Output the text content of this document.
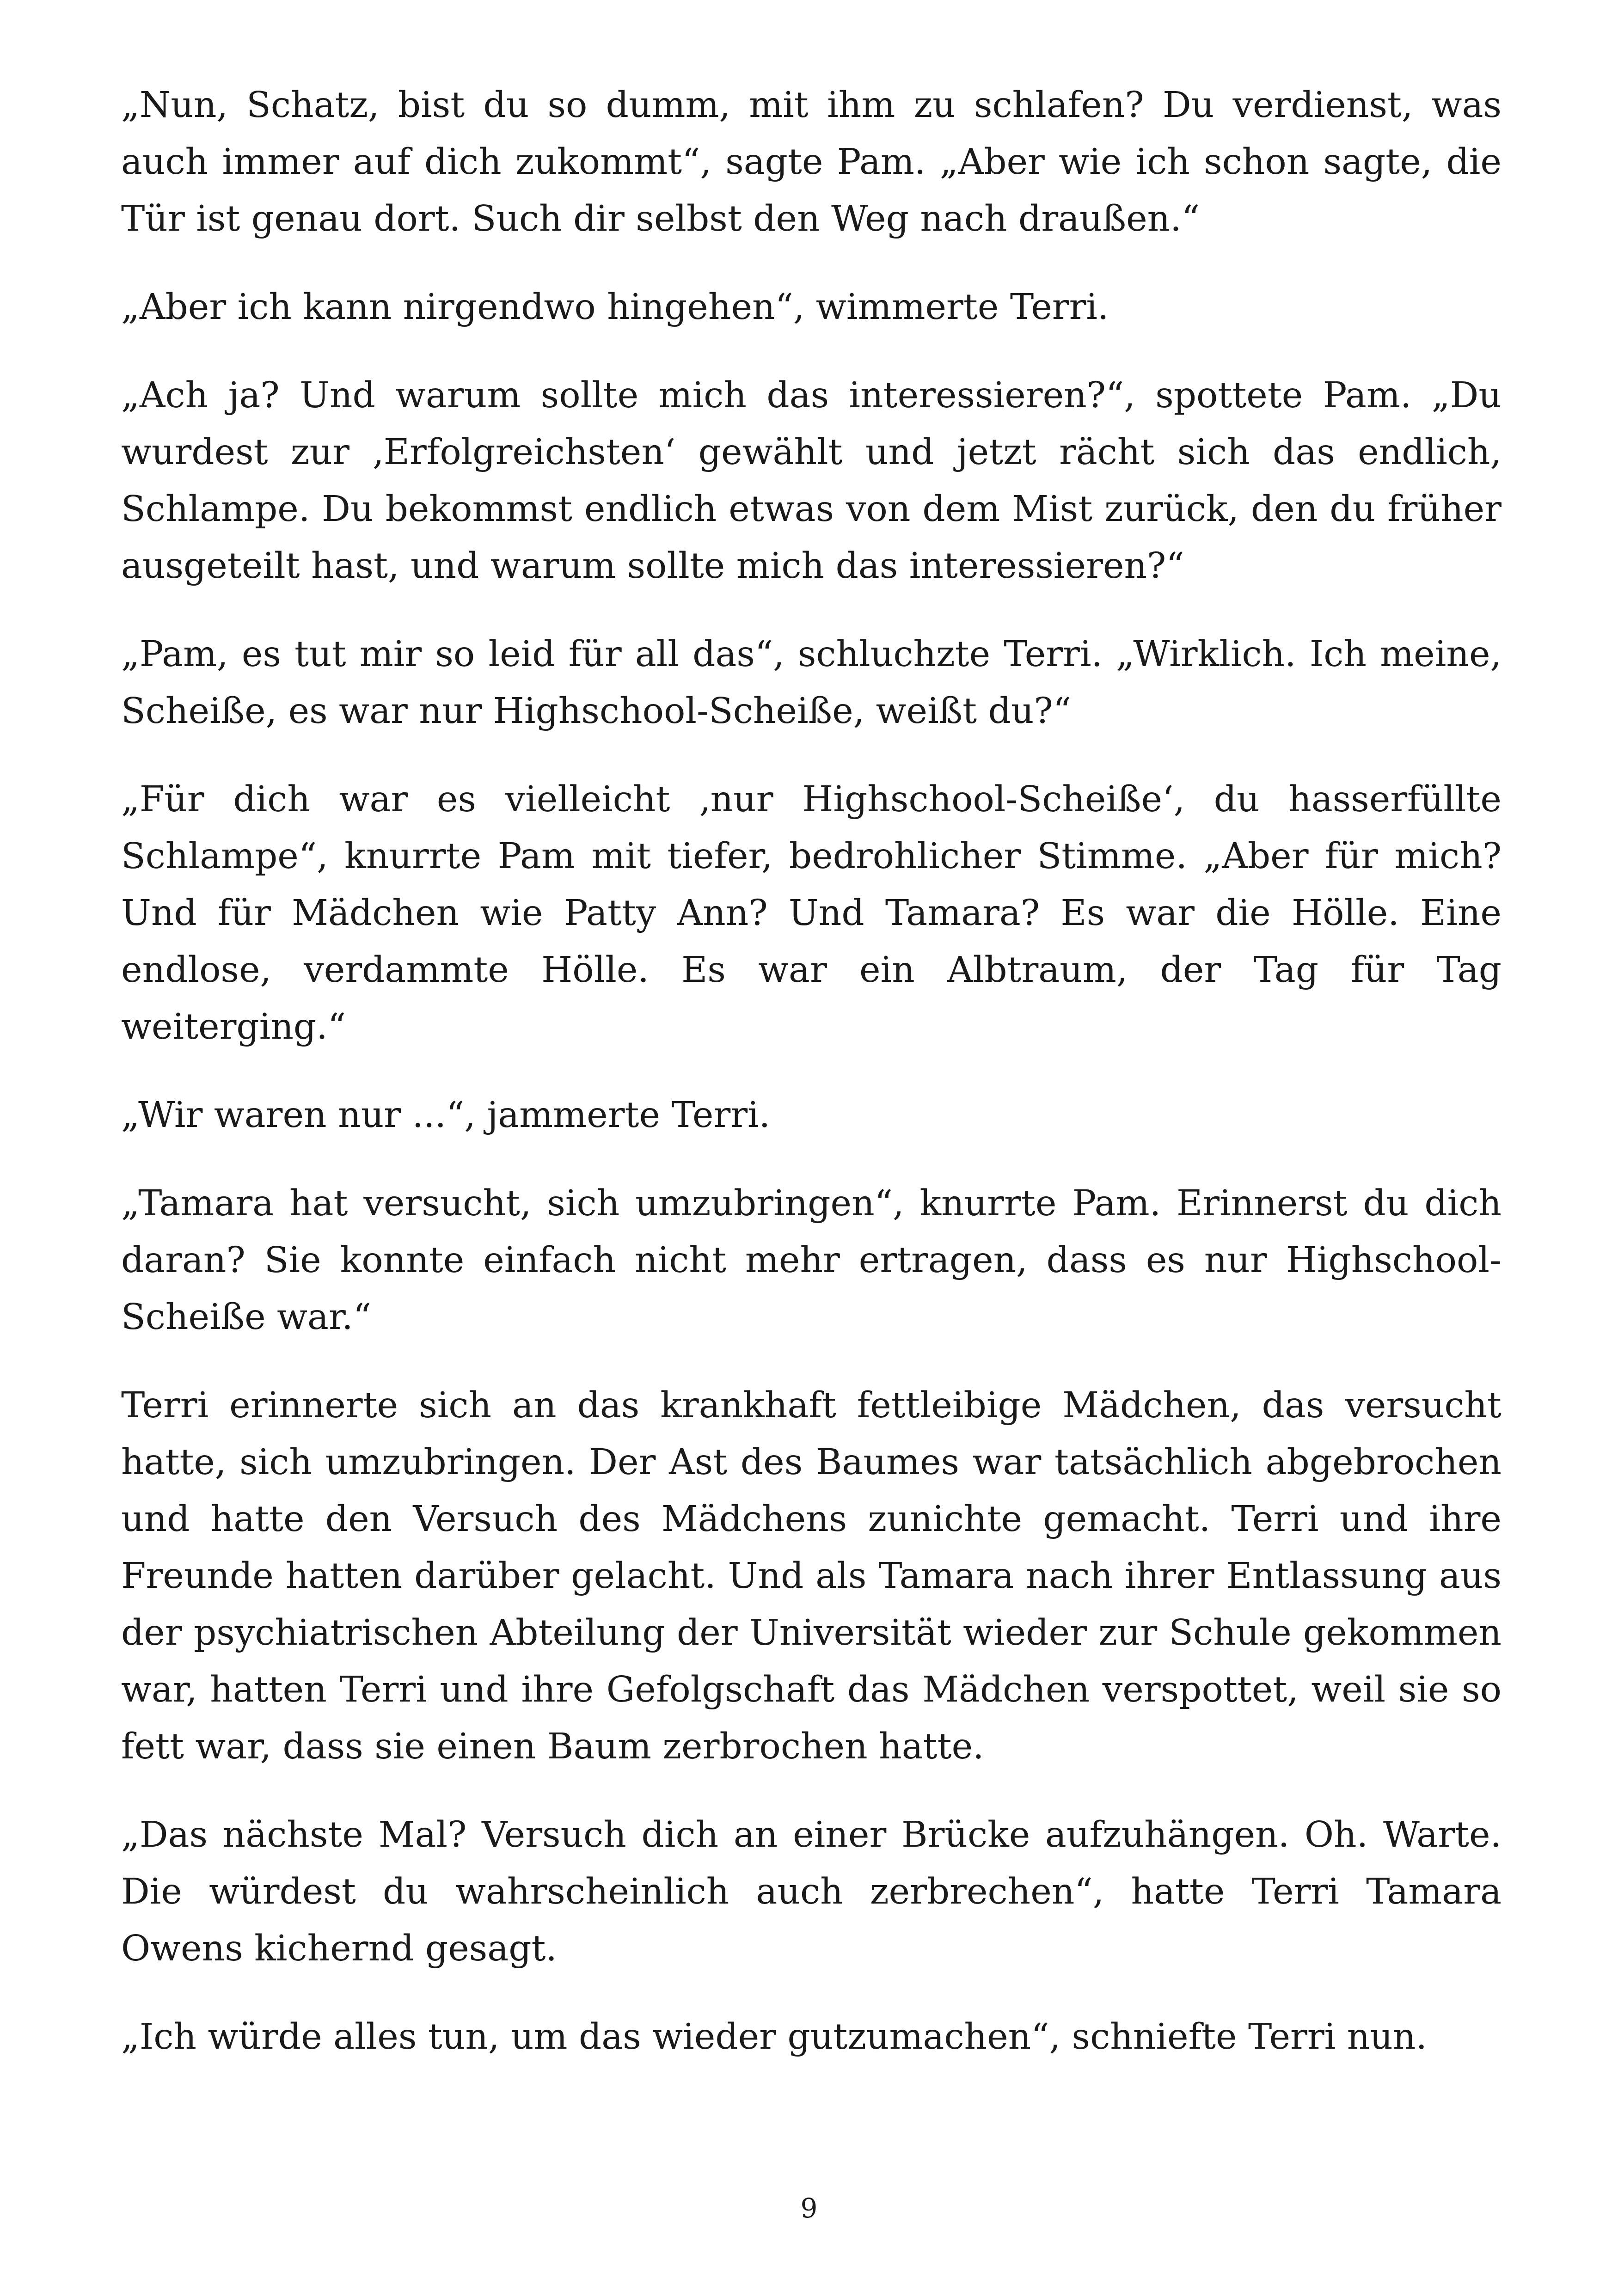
„Nun, Schatz, bist du so dumm, mit ihm zu schlafen? Du verdienst, was auch immer auf dich zukommt“, sagte Pam. „Aber wie ich schon sagte, die Tür ist genau dort. Such dir selbst den Weg nach draußen.“

„Aber ich kann nirgendwo hingehen“, wimmerte Terri.

„Ach ja? Und warum sollte mich das interessieren?“, spottete Pam. „Du wurdest zur ‚Erfolgreichsten‘ gewählt und jetzt rächt sich das endlich, Schlampe. Du bekommst endlich etwas von dem Mist zurück, den du früher ausgeteilt hast, und warum sollte mich das interessieren?“

„Pam, es tut mir so leid für all das“, schluchzte Terri. „Wirklich. Ich meine, Scheiße, es war nur Highschool-Scheiße, weißt du?“

„Für dich war es vielleicht ‚nur Highschool-Scheiße‘, du hasserfüllte Schlampe“, knurrte Pam mit tiefer, bedrohlicher Stimme. „Aber für mich? Und für Mädchen wie Patty Ann? Und Tamara? Es war die Hölle. Eine endlose, verdammte Hölle. Es war ein Albtraum, der Tag für Tag weiterging.“

„Wir waren nur ...“, jammerte Terri.

„Tamara hat versucht, sich umzubringen“, knurrte Pam. Erinnerst du dich daran? Sie konnte einfach nicht mehr ertragen, dass es nur Highschool-Scheiße war.“

Terri erinnerte sich an das krankhaft fettleibige Mädchen, das versucht hatte, sich umzubringen. Der Ast des Baumes war tatsächlich abgebrochen und hatte den Versuch des Mädchens zunichte gemacht. Terri und ihre Freunde hatten darüber gelacht. Und als Tamara nach ihrer Entlassung aus der psychiatrischen Abteilung der Universität wieder zur Schule gekommen war, hatten Terri und ihre Gefolgschaft das Mädchen verspottet, weil sie so fett war, dass sie einen Baum zerbrochen hatte.

„Das nächste Mal? Versuch dich an einer Brücke aufzuhängen. Oh. Warte. Die würdest du wahrscheinlich auch zerbrechen“, hatte Terri Tamara Owens kichernd gesagt.

„Ich würde alles tun, um das wieder gutzumachen“, schniefte Terri nun.

9
